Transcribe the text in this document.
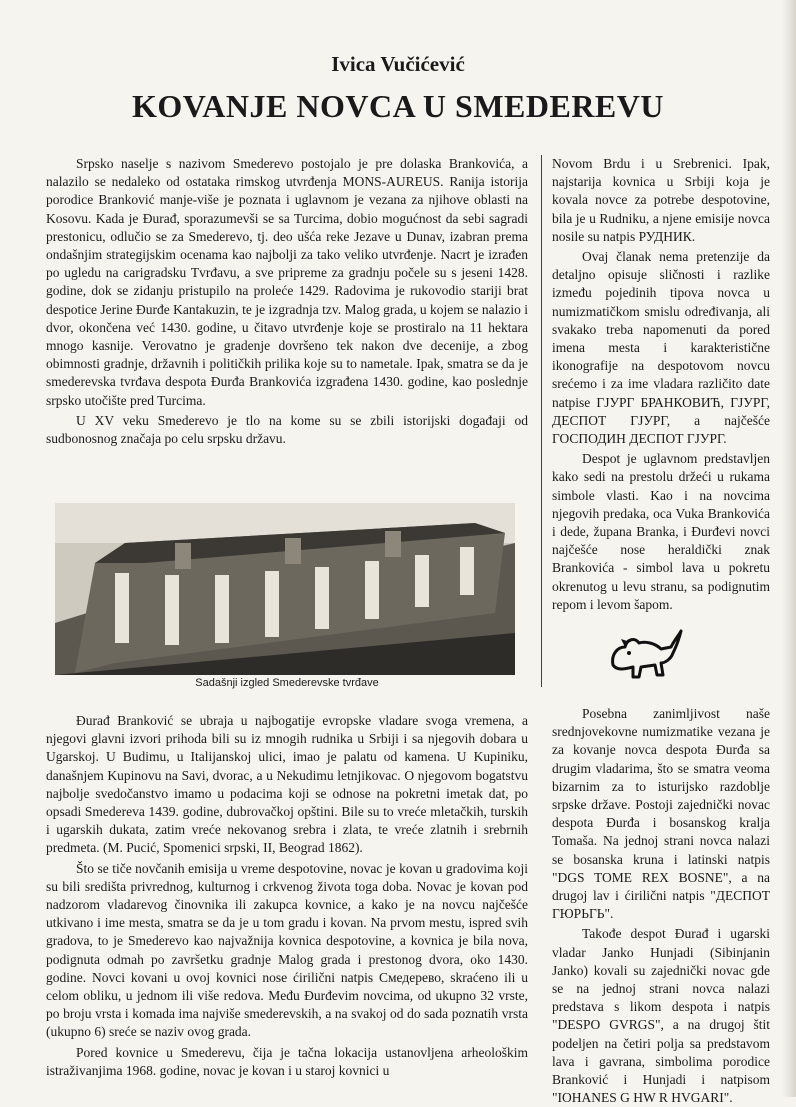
Ivica Vučićević
KOVANJE NOVCA U SMEDEREVU

Srpsko naselje s nazivom Smederevo postojalo je pre dolaska Brankovića, a nalazilo se nedaleko od ostataka rimskog utvrđenja MONS-AUREUS. Ranija istorija porodice Branković manje-više je poznata i uglavnom je vezana za njihove oblasti na Kosovu. Kada je Đurađ, sporazumevši se sa Turcima, dobio mogućnost da sebi sagradi prestonicu, odlučio se za Smederevo, tj. deo ušća reke Jezave u Dunav, izabran prema ondašnjim strategijskim ocenama kao najbolji za tako veliko utvrđenje. Nacrt je izrađen po ugledu na carigradsku Tvrđavu, a sve pripreme za gradnju počele su s jeseni 1428. godine, dok se zidanju pristupilo na proleće 1429. Radovima je rukovodio stariji brat despotice Jerine Đurđe Kantakuzin, te je izgradnja tzv. Malog grada, u kojem se nalazio i dvor, okončena već 1430. godine, u čitavo utvrđenje koje se prostiralo na 11 hektara mnogo kasnije. Verovatno je gradenje dovršeno tek nakon dve decenije, a zbog obimnosti gradnje, državnih i političkih prilika koje su to nametale. Ipak, smatra se da je smederevska tvrđava despota Đurđa Brankovića izgrađena 1430. godine, kao poslednje srpsko utočište pred Turcima.

U XV veku Smederevo je tlo na kome su se zbili istorijski događaji od sudbonosnog značaja po celu srpsku državu.

Sadašnji izgled Smederevske tvrđave

Đurađ Branković se ubraja u najbogatije evropske vladare svoga vremena, a njegovi glavni izvori prihoda bili su iz mnogih rudnika u Srbiji i sa njegovih dobara u Ugarskoj. U Budimu, u Italijanskoj ulici, imao je palatu od kamena. U Kupiniku, današnjem Kupinovu na Savi, dvorac, a u Nekudimu letnjikovac. O njegovom bogatstvu najbolje svedočanstvo imamo u podacima koji se odnose na pokretni imetak dat, po opsadi Smedereva 1439. godine, dubrovačkoj opštini. Bile su to vreće mletačkih, turskih i ugarskih dukata, zatim vreće nekovanog srebra i zlata, te vreće zlatnih i srebrnih predmeta. (M. Pucić, Spomenici srpski, II, Beograd 1862).

Što se tiče novčanih emisija u vreme despotovine, novac je kovan u gradovima koji su bili središta privrednog, kulturnog i crkvenog života toga doba. Novac je kovan pod nadzorom vladarevog činovnika ili zakupca kovnice, a kako je na novcu najčešće utkivano i ime mesta, smatra se da je u tom gradu i kovan. Na prvom mestu, ispred svih gradova, to je Smederevo kao najvažnija kovnica despotovine, a kovnica je bila nova, podignuta odmah po završetku gradnje Malog grada i prestonog dvora, oko 1430. godine. Novci kovani u ovoj kovnici nose ćirilični natpis Смедерево, skraćeno ili u celom obliku, u jednom ili više redova. Među Đurđevim novcima, od ukupno 32 vrste, po broju vrsta i komada ima najviše smederevskih, a na svakoj od do sada poznatih vrsta (ukupno 6) sreće se naziv ovog grada.

Pored kovnice u Smederevu, čija je tačna lokacija ustanovljena arheološkim istraživanjima 1968. godine, novac je kovan i u staroj kovnici u

Novom Brdu i u Srebrenici. Ipak, najstarija kovnica u Srbiji koja je kovala novce za potrebe despotovine, bila je u Rudniku, a njene emisije novca nosile su natpis РУДНИК.

Ovaj članak nema pretenzije da detaljno opisuje sličnosti i razlike između pojedinih tipova novca u numizmatičkom smislu određivanja, ali svakako treba napomenuti da pored imena mesta i karakteristične ikonografije na despotovom novcu srećemo i za ime vladara različito date natpise ГЈУРГ БРАНКОВИЋ, ГЈУРГ, ДЕСПОТ ГЈУРГ, a najčešće ГОСПОДИН ДЕСПОТ ГЈУРГ.

Despot je uglavnom predstavljen kako sedi na prestolu držeći u rukama simbole vlasti. Kao i na novcima njegovih predaka, oca Vuka Brankovića i dede, župana Branka, i Đurđevi novci najčešće nose heraldički znak Brankovića - simbol lava u pokretu okrenutog u levu stranu, sa podignutim repom i levom šapom.

Posebna zanimljivost naše srednjovekovne numizmatike vezana je za kovanje novca despota Đurđa sa drugim vladarima, što se smatra veoma bizarnim za to isturijsko razdoblje srpske države. Postoji zajednički novac despota Đurđa i bosanskog kralja Tomaša. Na jednoj strani novca nalazi se bosanska kruna i latinski natpis "DGS TOME REX BOSNE", a na drugoj lav i ćirilični natpis "ДЕСПОТ ГЮРЬГЬ".

Takođe despot Đurađ i ugarski vladar Janko Hunjadi (Sibinjanin Janko) kovali su zajednički novac gde se na jednoj strani novca nalazi predstava s likom despota i natpis "DESPO GVRGS", a na drugoj štit podeljen na četiri polja sa predstavom lava i gavrana, simbolima porodice Branković i Hunjadi i natpisom "IOHANES G HW R HVGARI".
